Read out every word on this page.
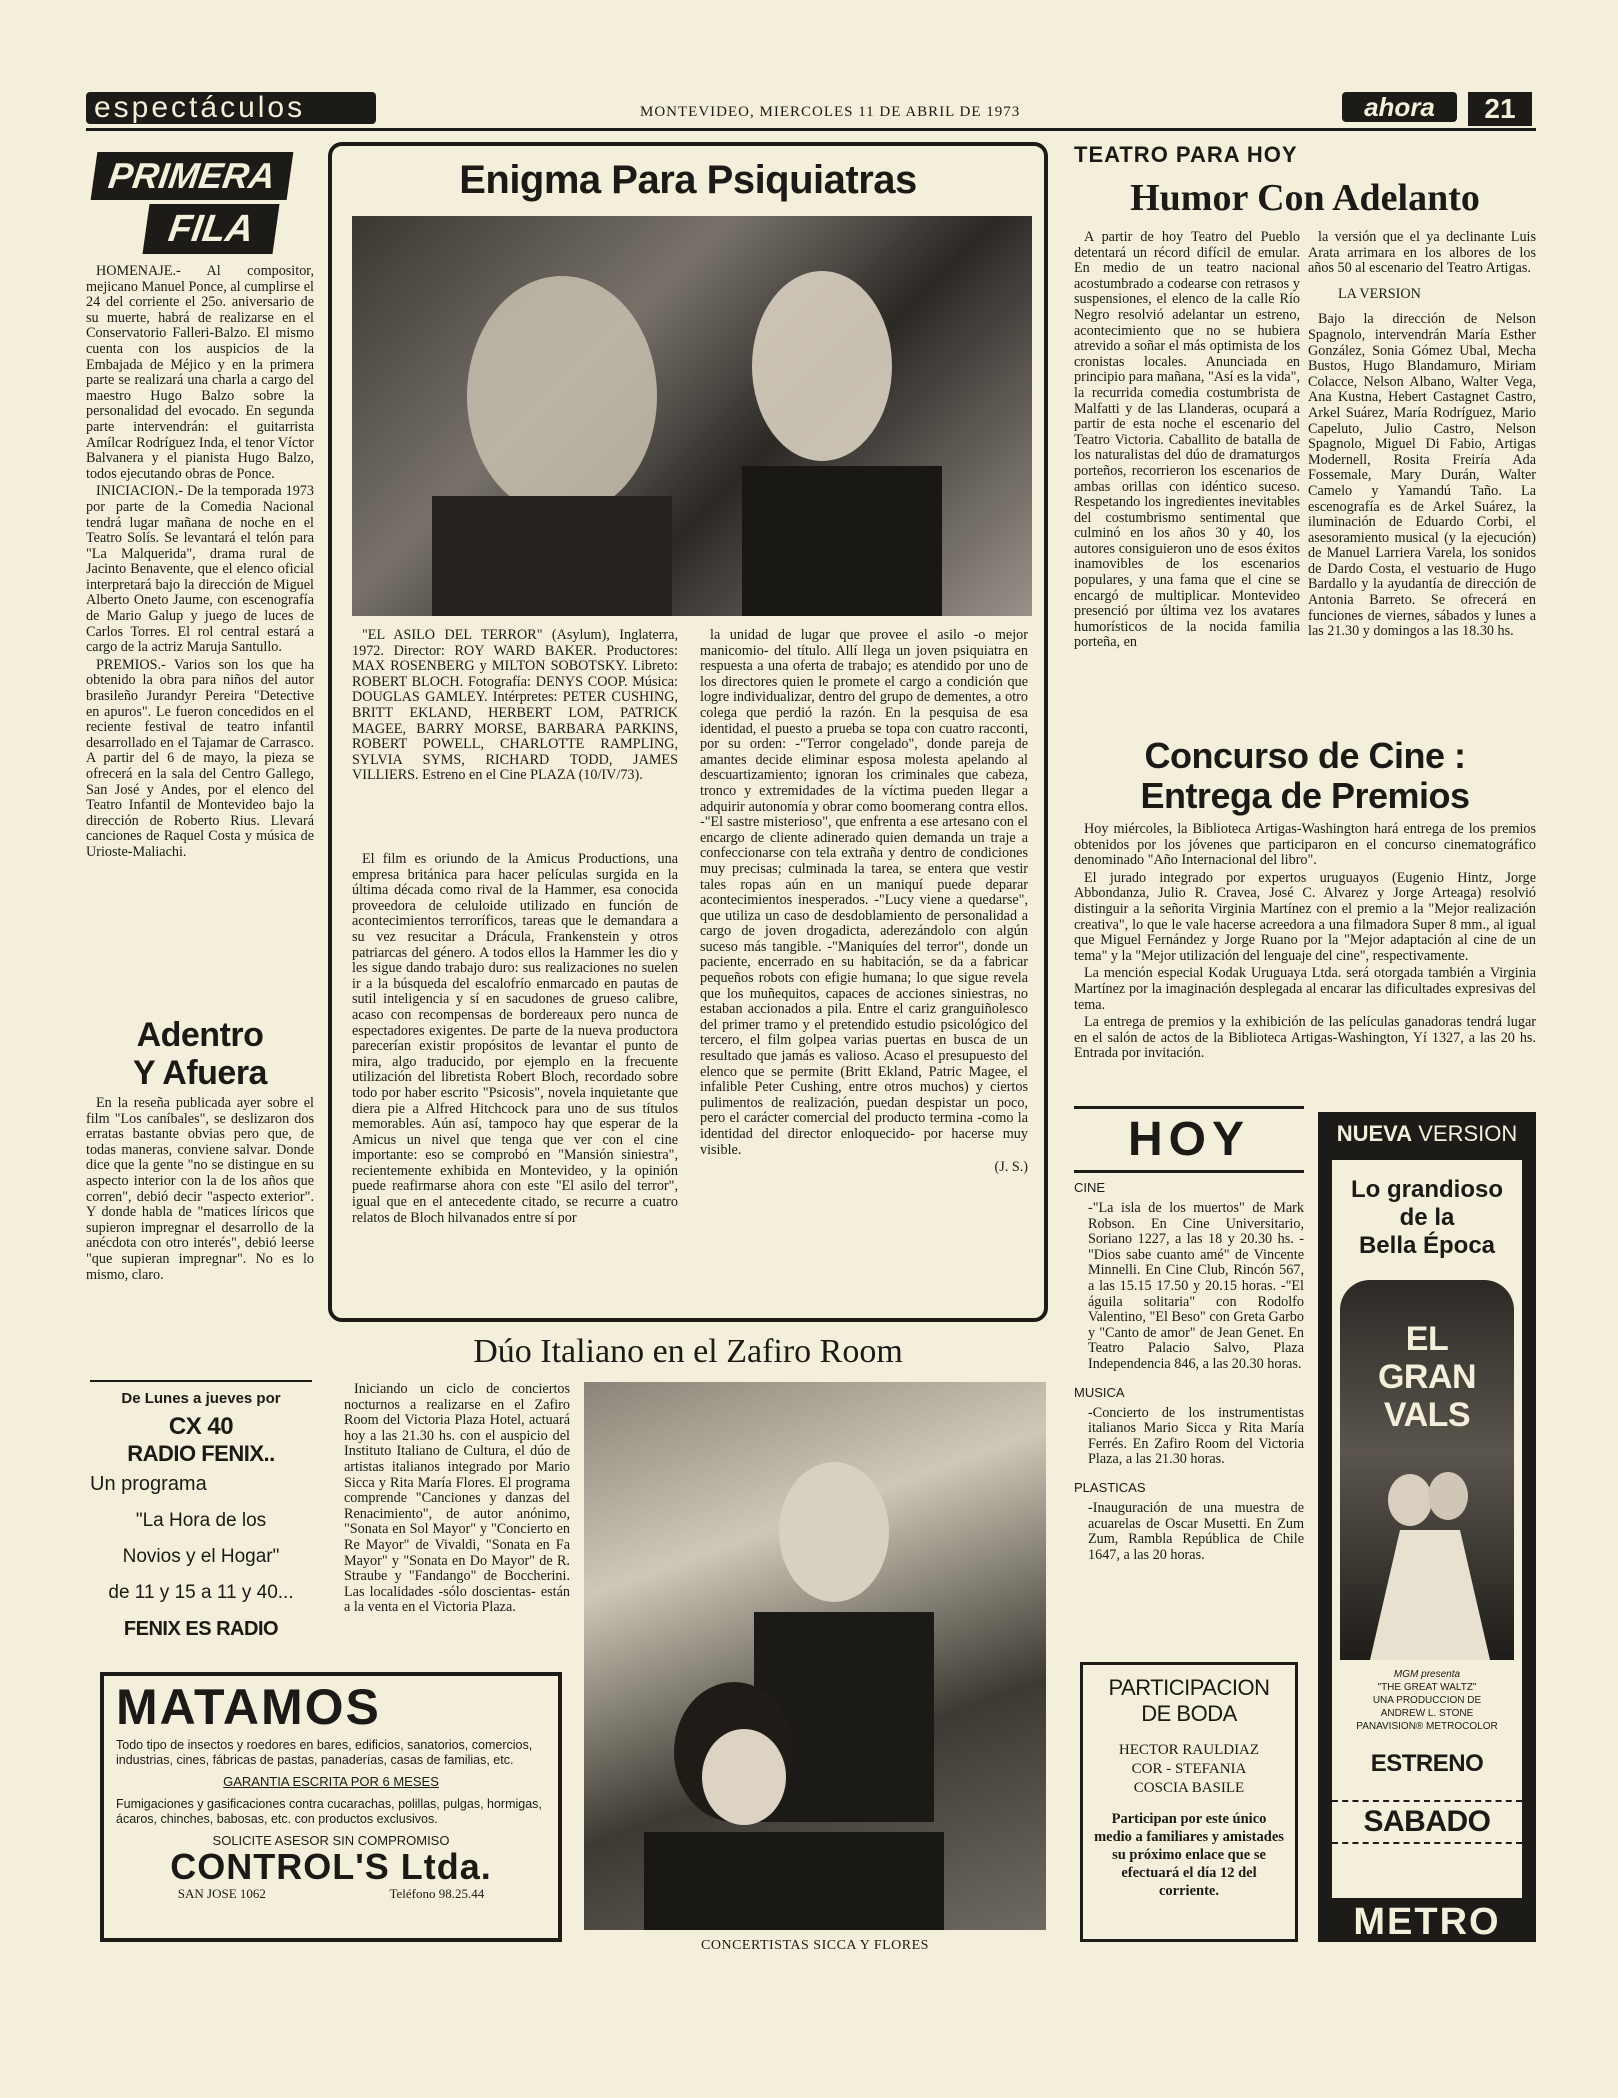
espectáculos	MONTEVIDEO, MIERCOLES 11 DE ABRIL DE 1973	ahora	21
PRIMERA
FILA

HOMENAJE.- Al compositor, mejicano Manuel Ponce, al cumplirse el 24 del corriente el 25o. aniversario de su muerte, habrá de realizarse en el Conservatorio Falleri-Balzo. El mismo cuenta con los auspicios de la Embajada de Méjico y en la primera parte se realizará una charla a cargo del maestro Hugo Balzo sobre la personalidad del evocado. En segunda parte intervendrán: el guitarrista Amílcar Rodríguez Inda, el tenor Víctor Balvanera y el pianista Hugo Balzo, todos ejecutando obras de Ponce.

INICIACION.- De la temporada 1973 por parte de la Comedia Nacional tendrá lugar mañana de noche en el Teatro Solís. Se levantará el telón para "La Malquerida", drama rural de Jacinto Benavente, que el elenco oficial interpretará bajo la dirección de Miguel Alberto Oneto Jaume, con escenografía de Mario Galup y juego de luces de Carlos Torres. El rol central estará a cargo de la actriz Maruja Santullo.

PREMIOS.- Varios son los que ha obtenido la obra para niños del autor brasileño Jurandyr Pereira "Detective en apuros". Le fueron concedidos en el reciente festival de teatro infantil desarrollado en el Tajamar de Carrasco. A partir del 6 de mayo, la pieza se ofrecerá en la sala del Centro Gallego, San José y Andes, por el elenco del Teatro Infantil de Montevideo bajo la dirección de Roberto Rius. Llevará canciones de Raquel Costa y música de Urioste-Maliachi.

Adentro
Y Afuera

En la reseña publicada ayer sobre el film "Los caníbales", se deslizaron dos erratas bastante obvias pero que, de todas maneras, conviene salvar. Donde dice que la gente "no se distingue en su aspecto interior con la de los años que corren", debió decir "aspecto exterior". Y donde habla de "matices líricos que supieron impregnar el desarrollo de la anécdota con otro interés", debió leerse "que supieran impregnar". No es lo mismo, claro.

De Lunes a jueves por
CX 40
RADIO FENIX..
Un programa
"La Hora de los
Novios y el Hogar"
de 11 y 15 a 11 y 40...
FENIX ES RADIO
MATAMOS
Todo tipo de insectos y roedores en bares, edificios, sanatorios, comercios, industrias, cines, fábricas de pastas, panaderías, casas de familias, etc.
GARANTIA ESCRITA POR 6 MESES
Fumigaciones y gasificaciones contra cucarachas, polillas, pulgas, hormigas, ácaros, chinches, babosas, etc. con productos exclusivos.
SOLICITE ASESOR SIN COMPROMISO
CONTROL'S Ltda.
SAN JOSE 1062	Teléfono 98.25.44
Enigma Para Psiquiatras

"EL ASILO DEL TERROR" (Asylum), Inglaterra, 1972. Director: ROY WARD BAKER. Productores: MAX ROSENBERG y MILTON SOBOTSKY. Libreto: ROBERT BLOCH. Fotografía: DENYS COOP. Música: DOUGLAS GAMLEY. Intérpretes: PETER CUSHING, BRITT EKLAND, HERBERT LOM, PATRICK MAGEE, BARRY MORSE, BARBARA PARKINS, ROBERT POWELL, CHARLOTTE RAMPLING, SYLVIA SYMS, RICHARD TODD, JAMES VILLIERS. Estreno en el Cine PLAZA (10/IV/73).

El film es oriundo de la Amicus Productions, una empresa británica para hacer películas surgida en la última década como rival de la Hammer, esa conocida proveedora de celuloide utilizado en función de acontecimientos terroríficos, tareas que le demandara a su vez resucitar a Drácula, Frankenstein y otros patriarcas del género. A todos ellos la Hammer les dio y les sigue dando trabajo duro: sus realizaciones no suelen ir a la búsqueda del escalofrío enmarcado en pautas de sutil inteligencia y sí en sacudones de grueso calibre, acaso con recompensas de bordereaux pero nunca de espectadores exigentes. De parte de la nueva productora parecerían existir propósitos de levantar el punto de mira, algo traducido, por ejemplo en la frecuente utilización del libretista Robert Bloch, recordado sobre todo por haber escrito "Psicosis", novela inquietante que diera pie a Alfred Hitchcock para uno de sus títulos memorables. Aún así, tampoco hay que esperar de la Amicus un nivel que tenga que ver con el cine importante: eso se comprobó en "Mansión siniestra", recientemente exhibida en Montevideo, y la opinión puede reafirmarse ahora con este "El asilo del terror", igual que en el antecedente citado, se recurre a cuatro relatos de Bloch hilvanados entre sí por

la unidad de lugar que provee el asilo -o mejor manicomio- del título. Allí llega un joven psiquiatra en respuesta a una oferta de trabajo; es atendido por uno de los directores quien le promete el cargo a condición que logre individualizar, dentro del grupo de dementes, a otro colega que perdió la razón. En la pesquisa de esa identidad, el puesto a prueba se topa con cuatro racconti, por su orden: -"Terror congelado", donde pareja de amantes decide eliminar esposa molesta apelando al descuartizamiento; ignoran los criminales que cabeza, tronco y extremidades de la víctima pueden llegar a adquirir autonomía y obrar como boomerang contra ellos. -"El sastre misterioso", que enfrenta a ese artesano con el encargo de cliente adinerado quien demanda un traje a confeccionarse con tela extraña y dentro de condiciones muy precisas; culminada la tarea, se entera que vestir tales ropas aún en un maniquí puede deparar acontecimientos inesperados. -"Lucy viene a quedarse", que utiliza un caso de desdoblamiento de personalidad a cargo de joven drogadicta, aderezándolo con algún suceso más tangible. -"Maniquíes del terror", donde un paciente, encerrado en su habitación, se da a fabricar pequeños robots con efigie humana; lo que sigue revela que los muñequitos, capaces de acciones siniestras, no estaban accionados a pila. Entre el cariz granguiñolesco del primer tramo y el pretendido estudio psicológico del tercero, el film golpea varias puertas en busca de un resultado que jamás es valioso. Acaso el presupuesto del elenco que se permite (Britt Ekland, Patric Magee, el infalible Peter Cushing, entre otros muchos) y ciertos pulimentos de realización, puedan despistar un poco, pero el carácter comercial del producto termina -como la identidad del director enloquecido- por hacerse muy visible.

(J. S.)

Dúo Italiano en el Zafiro Room

Iniciando un ciclo de conciertos nocturnos a realizarse en el Zafiro Room del Victoria Plaza Hotel, actuará hoy a las 21.30 hs. con el auspicio del Instituto Italiano de Cultura, el dúo de artistas italianos integrado por Mario Sicca y Rita María Flores. El programa comprende "Canciones y danzas del Renacimiento", de autor anónimo, "Sonata en Sol Mayor" y "Concierto en Re Mayor" de Vivaldi, "Sonata en Fa Mayor" y "Sonata en Do Mayor" de R. Straube y "Fandango" de Boccherini. Las localidades -sólo doscientas- están a la venta en el Victoria Plaza.

CONCERTISTAS SICCA Y FLORES
TEATRO PARA HOY
Humor Con Adelanto

A partir de hoy Teatro del Pueblo detentará un récord difícil de emular. En medio de un teatro nacional acostumbrado a codearse con retrasos y suspensiones, el elenco de la calle Río Negro resolvió adelantar un estreno, acontecimiento que no se hubiera atrevido a soñar el más optimista de los cronistas locales. Anunciada en principio para mañana, "Así es la vida", la recurrida comedia costumbrista de Malfatti y de las Llanderas, ocupará a partir de esta noche el escenario del Teatro Victoria. Caballito de batalla de los naturalistas del dúo de dramaturgos porteños, recorrieron los escenarios de ambas orillas con idéntico suceso. Respetando los ingredientes inevitables del costumbrismo sentimental que culminó en los años 30 y 40, los autores consiguieron uno de esos éxitos inamovibles de los escenarios populares, y una fama que el cine se encargó de multiplicar. Montevideo presenció por última vez los avatares humorísticos de la nocida familia porteña, en

la versión que el ya declinante Luis Arata arrimara en los albores de los años 50 al escenario del Teatro Artigas.

LA VERSION

Bajo la dirección de Nelson Spagnolo, intervendrán María Esther González, Sonia Gómez Ubal, Mecha Bustos, Hugo Blandamuro, Miriam Colacce, Nelson Albano, Walter Vega, Ana Kustna, Hebert Castagnet Castro, Arkel Suárez, María Rodríguez, Mario Capeluto, Julio Castro, Nelson Spagnolo, Miguel Di Fabio, Artigas Modernell, Rosita Freiría Ada Fossemale, Mary Durán, Walter Camelo y Yamandú Taño. La escenografía es de Arkel Suárez, la iluminación de Eduardo Corbi, el asesoramiento musical (y la ejecución) de Manuel Larriera Varela, los sonidos de Dardo Costa, el vestuario de Hugo Bardallo y la ayudantía de dirección de Antonia Barreto. Se ofrecerá en funciones de viernes, sábados y lunes a las 21.30 y domingos a las 18.30 hs.

Concurso de Cine :
Entrega de Premios

Hoy miércoles, la Biblioteca Artigas-Washington hará entrega de los premios obtenidos por los jóvenes que participaron en el concurso cinematográfico denominado "Año Internacional del libro".

El jurado integrado por expertos uruguayos (Eugenio Hintz, Jorge Abbondanza, Julio R. Cravea, José C. Alvarez y Jorge Arteaga) resolvió distinguir a la señorita Virginia Martínez con el premio a la "Mejor realización creativa", lo que le vale hacerse acreedora a una filmadora Super 8 mm., al igual que Miguel Fernández y Jorge Ruano por la "Mejor adaptación al cine de un tema" y la "Mejor utilización del lenguaje del cine", respectivamente.

La mención especial Kodak Uruguaya Ltda. será otorgada también a Virginia Martínez por la imaginación desplegada al encarar las dificultades expresivas del tema.

La entrega de premios y la exhibición de las películas ganadoras tendrá lugar en el salón de actos de la Biblioteca Artigas-Washington, Yí 1327, a las 20 hs. Entrada por invitación.

HOY
CINE
-"La isla de los muertos" de Mark Robson. En Cine Universitario, Soriano 1227, a las 18 y 20.30 hs. -"Dios sabe cuanto amé" de Vincente Minnelli. En Cine Club, Rincón 567, a las 15.15 17.50 y 20.15 horas. -"El águila solitaria" con Rodolfo Valentino, "El Beso" con Greta Garbo y "Canto de amor" de Jean Genet. En Teatro Palacio Salvo, Plaza Independencia 846, a las 20.30 horas.
MUSICA
-Concierto de los instrumentistas italianos Mario Sicca y Rita María Ferrés. En Zafiro Room del Victoria Plaza, a las 21.30 horas.
PLASTICAS
-Inauguración de una muestra de acuarelas de Oscar Musetti. En Zum Zum, Rambla República de Chile 1647, a las 20 horas.
PARTICIPACION
DE BODA
HECTOR RAULDIAZ
COR - STEFANIA
COSCIA BASILE
Participan por este único medio a familiares y amistades su próximo enlace que se efectuará el día 12 del corriente.
NUEVA VERSION
Lo grandioso
de la
Bella Época
EL
GRAN
VALS
MGM presenta
"THE GREAT WALTZ"
UNA PRODUCCION DE
ANDREW L. STONE
PANAVISION® METROCOLOR
ESTRENO
SABADO
METRO
